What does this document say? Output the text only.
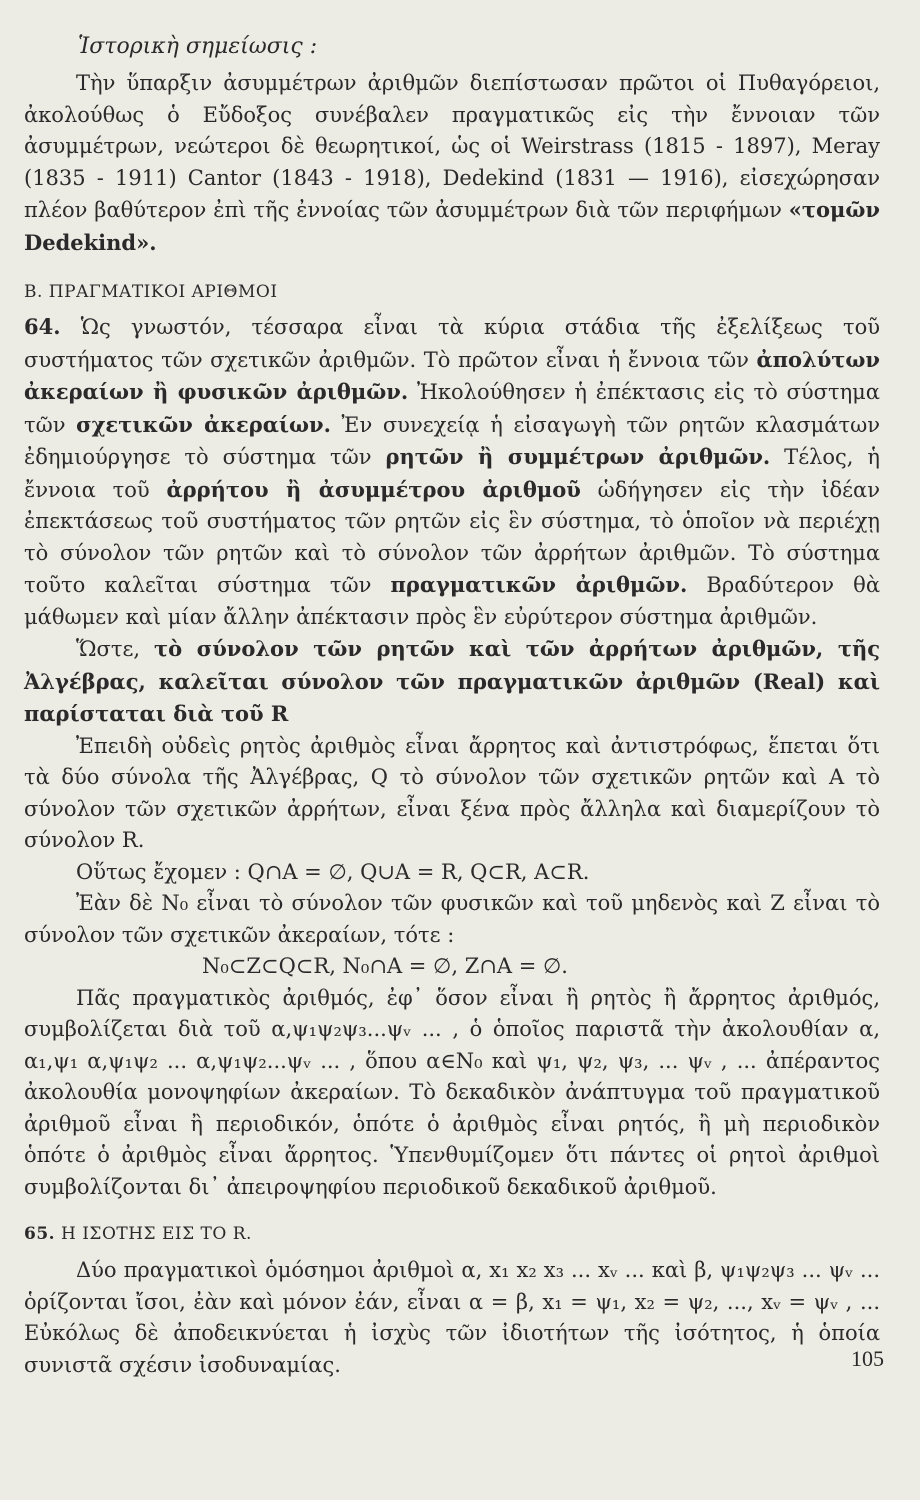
Ἱστορικὴ σημείωσις :

Τὴν ὕπαρξιν ἀσυμμέτρων ἀριθμῶν διεπίστωσαν πρῶτοι οἱ Πυθαγόρειοι, ἀκολούθως ὁ Εὔδοξος συνέβαλεν πραγματικῶς εἰς τὴν ἔννοιαν τῶν ἀσυμμέτρων, νεώτεροι δὲ θεωρητικοί, ὡς οἱ Weirstrass (1815 - 1897), Meray (1835 - 1911) Cantor (1843 - 1918), Dedekind (1831 — 1916), εἰσεχώρησαν πλέον βαθύτερον ἐπὶ τῆς ἐννοίας τῶν ἀσυμμέτρων διὰ τῶν περιφήμων «τομῶν Dedekind».

Β. ΠΡΑΓΜΑΤΙΚΟΙ ΑΡΙΘΜΟΙ

64. Ὡς γνωστόν, τέσσαρα εἶναι τὰ κύρια στάδια τῆς ἐξελίξεως τοῦ συστήματος τῶν σχετικῶν ἀριθμῶν. Τὸ πρῶτον εἶναι ἡ ἔννοια τῶν ἀπολύτων ἀκεραίων ἢ φυσικῶν ἀριθμῶν. Ἠκολούθησεν ἡ ἐπέκτασις εἰς τὸ σύστημα τῶν σχετικῶν ἀκεραίων. Ἐν συνεχείᾳ ἡ εἰσαγωγὴ τῶν ρητῶν κλασμάτων ἐδημιούργησε τὸ σύστημα τῶν ρητῶν ἢ συμμέτρων ἀριθμῶν. Τέλος, ἡ ἔννοια τοῦ ἀρρήτου ἢ ἀσυμμέτρου ἀριθμοῦ ὡδήγησεν εἰς τὴν ἰδέαν ἐπεκτάσεως τοῦ συστήματος τῶν ρητῶν εἰς ἓν σύστημα, τὸ ὁποῖον νὰ περιέχῃ τὸ σύνολον τῶν ρητῶν καὶ τὸ σύνολον τῶν ἀρρήτων ἀριθμῶν. Τὸ σύστημα τοῦτο καλεῖται σύστημα τῶν πραγματικῶν ἀριθμῶν. Βραδύτερον θὰ μάθωμεν καὶ μίαν ἄλλην ἀπέκτασιν πρὸς ἓν εὐρύτερον σύστημα ἀριθμῶν.

Ὥστε, τὸ σύνολον τῶν ρητῶν καὶ τῶν ἀρρήτων ἀριθμῶν, τῆς Ἀλγέβρας, καλεῖται σύνολον τῶν πραγματικῶν ἀριθμῶν (Real) καὶ παρίσταται διὰ τοῦ R

Ἐπειδὴ οὐδεὶς ρητὸς ἀριθμὸς εἶναι ἄρρητος καὶ ἀντιστρόφως, ἕπεται ὅτι τὰ δύο σύνολα τῆς Ἀλγέβρας, Q τὸ σύνολον τῶν σχετικῶν ρητῶν καὶ A τὸ σύνολον τῶν σχετικῶν ἀρρήτων, εἶναι ξένα πρὸς ἄλληλα καὶ διαμερίζουν τὸ σύνολον R.

Οὕτως ἔχομεν : Q∩A = ∅, Q∪A = R, Q⊂R, A⊂R.

Ἐὰν δὲ N₀ εἶναι τὸ σύνολον τῶν φυσικῶν καὶ τοῦ μηδενὸς καὶ Z εἶναι τὸ σύνολον τῶν σχετικῶν ἀκεραίων, τότε :

N₀⊂Z⊂Q⊂R, N₀∩A = ∅, Z∩A = ∅.

Πᾶς πραγματικὸς ἀριθμός, ἐφ᾽ ὅσον εἶναι ἢ ρητὸς ἢ ἄρρητος ἀριθμός, συμβολίζεται διὰ τοῦ α,ψ₁ψ₂ψ₃...ψᵥ ... , ὁ ὁποῖος παριστᾶ τὴν ἀκολουθίαν α, α₁,ψ₁ α,ψ₁ψ₂ ... α,ψ₁ψ₂...ψᵥ ... , ὅπου α∈N₀ καὶ ψ₁, ψ₂, ψ₃, ... ψᵥ , ... ἀπέραντος ἀκολουθία μονοψηφίων ἀκεραίων. Τὸ δεκαδικὸν ἀνάπτυγμα τοῦ πραγματικοῦ ἀριθμοῦ εἶναι ἢ περιοδικόν, ὁπότε ὁ ἀριθμὸς εἶναι ρητός, ἢ μὴ περιοδικὸν ὁπότε ὁ ἀριθμὸς εἶναι ἄρρητος. Ὑπενθυμίζομεν ὅτι πάντες οἱ ρητοὶ ἀριθμοὶ συμβολίζονται δι᾽ ἀπειροψηφίου περιοδικοῦ δεκαδικοῦ ἀριθμοῦ.

65. Η ΙΣΟΤΗΣ ΕΙΣ ΤΟ R.

Δύο πραγματικοὶ ὁμόσημοι ἀριθμοὶ α, x₁ x₂ x₃ ... xᵥ ... καὶ β, ψ₁ψ₂ψ₃ ... ψᵥ ... ὁρίζονται ἴσοι, ἐὰν καὶ μόνον ἐάν, εἶναι α = β, x₁ = ψ₁, x₂ = ψ₂, ..., xᵥ = ψᵥ , ... Εὐκόλως δὲ ἀποδεικνύεται ἡ ἰσχὺς τῶν ἰδιοτήτων τῆς ἰσότητος, ἡ ὁποία συνιστᾶ σχέσιν ἰσοδυναμίας.	105
